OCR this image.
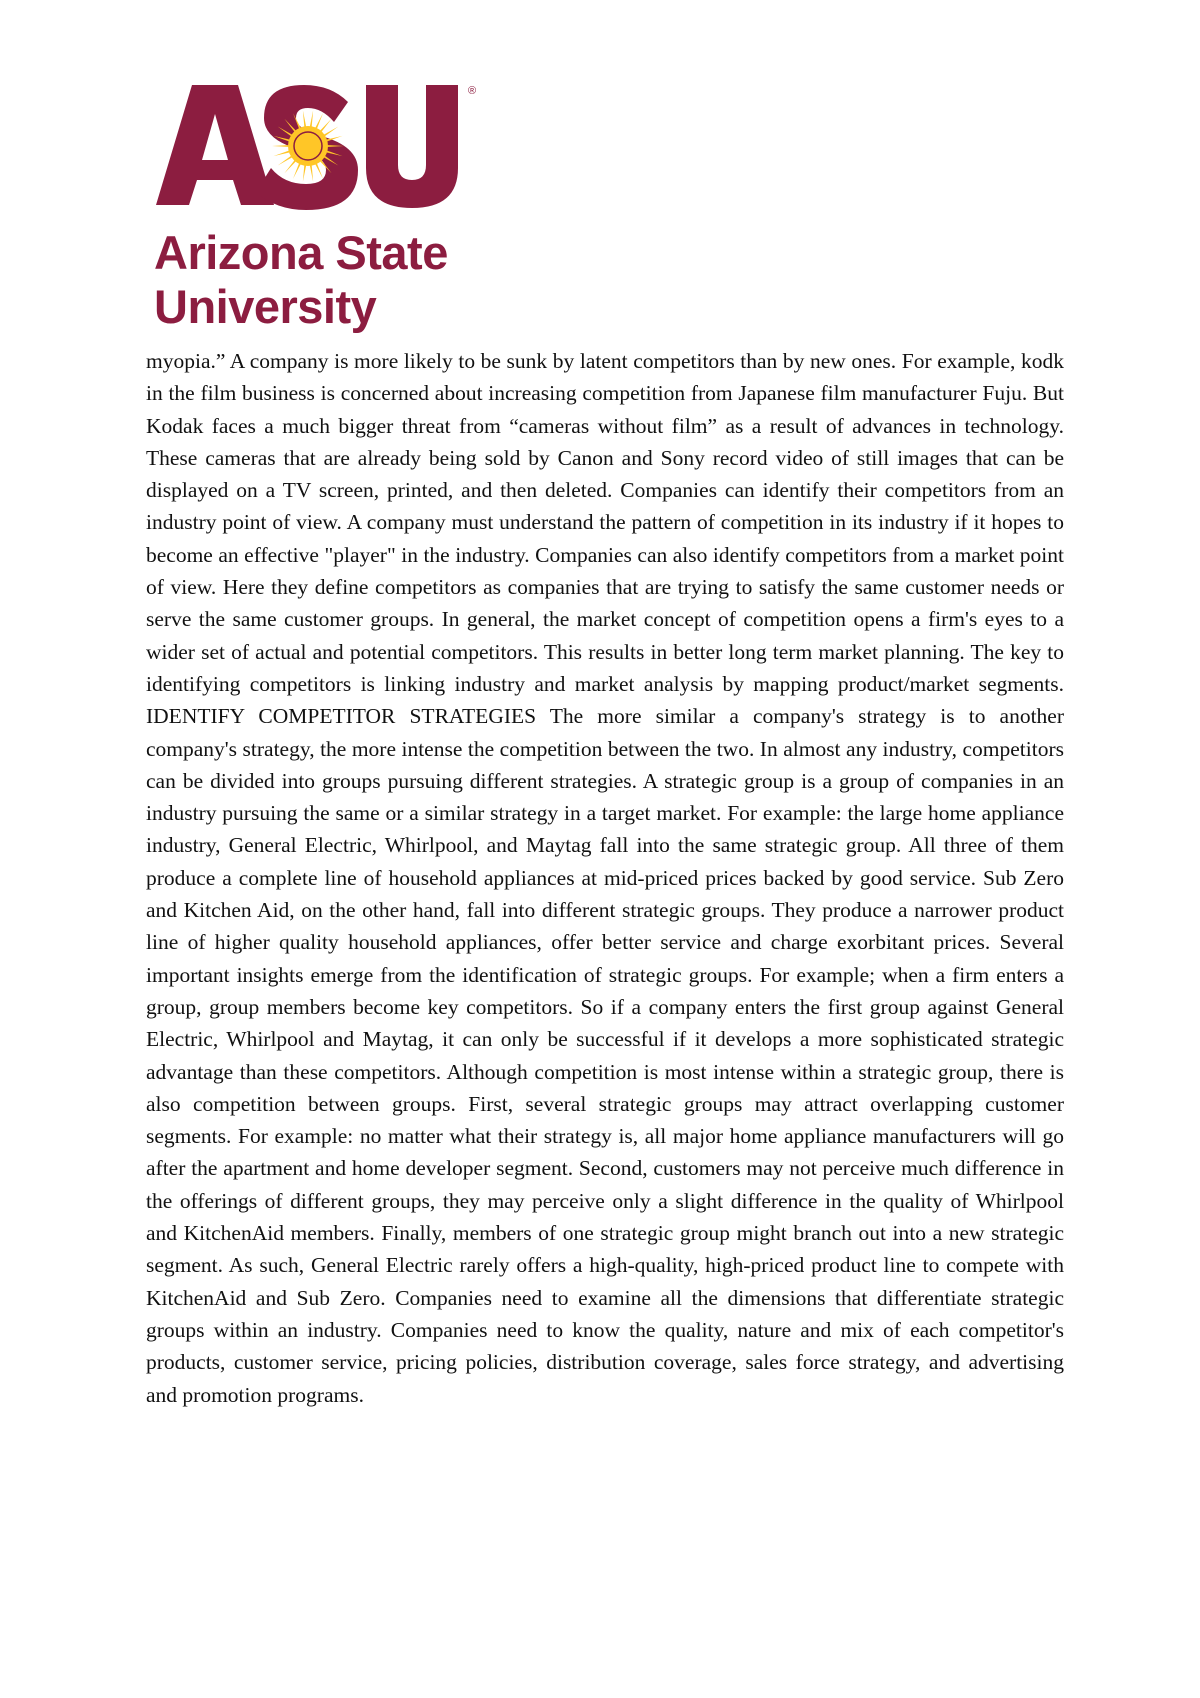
®
Arizona State
University

myopia.” A company is more likely to be sunk by latent competitors than by new ones. For example, kodk in the film business is concerned about increasing competition from Japanese film manufacturer Fuju. But Kodak faces a much bigger threat from “cameras without film” as a result of advances in technology. These cameras that are already being sold by Canon and Sony record video of still images that can be displayed on a TV screen, printed, and then deleted. Companies can identify their competitors from an industry point of view. A company must understand the pattern of competition in its industry if it hopes to become an effective "player" in the industry. Companies can also identify competitors from a market point of view. Here they define competitors as companies that are trying to satisfy the same customer needs or serve the same customer groups. In general, the market concept of competition opens a firm's eyes to a wider set of actual and potential competitors. This results in better long term market planning. The key to identifying competitors is linking industry and market analysis by mapping product/market segments. IDENTIFY COMPETITOR STRATEGIES The more similar a company's strategy is to another company's strategy, the more intense the competition between the two. In almost any industry, competitors can be divided into groups pursuing different strategies. A strategic group is a group of companies in an industry pursuing the same or a similar strategy in a target market. For example: the large home appliance industry, General Electric, Whirlpool, and Maytag fall into the same strategic group. All three of them produce a complete line of household appliances at mid-priced prices backed by good service. Sub Zero and Kitchen Aid, on the other hand, fall into different strategic groups. They produce a narrower product line of higher quality household appliances, offer better service and charge exorbitant prices. Several important insights emerge from the identification of strategic groups. For example; when a firm enters a group, group members become key competitors. So if a company enters the first group against General Electric, Whirlpool and Maytag, it can only be successful if it develops a more sophisticated strategic advantage than these competitors. Although competition is most intense within a strategic group, there is also competition between groups. First, several strategic groups may attract overlapping customer segments. For example: no matter what their strategy is, all major home appliance manufacturers will go after the apartment and home developer segment. Second, customers may not perceive much difference in the offerings of different groups, they may perceive only a slight difference in the quality of Whirlpool and KitchenAid members. Finally, members of one strategic group might branch out into a new strategic segment. As such, General Electric rarely offers a high-quality, high-priced product line to compete with KitchenAid and Sub Zero. Companies need to examine all the dimensions that differentiate strategic groups within an industry. Companies need to know the quality, nature and mix of each competitor's products, customer service, pricing policies, distribution coverage, sales force strategy, and advertising and promotion programs.
